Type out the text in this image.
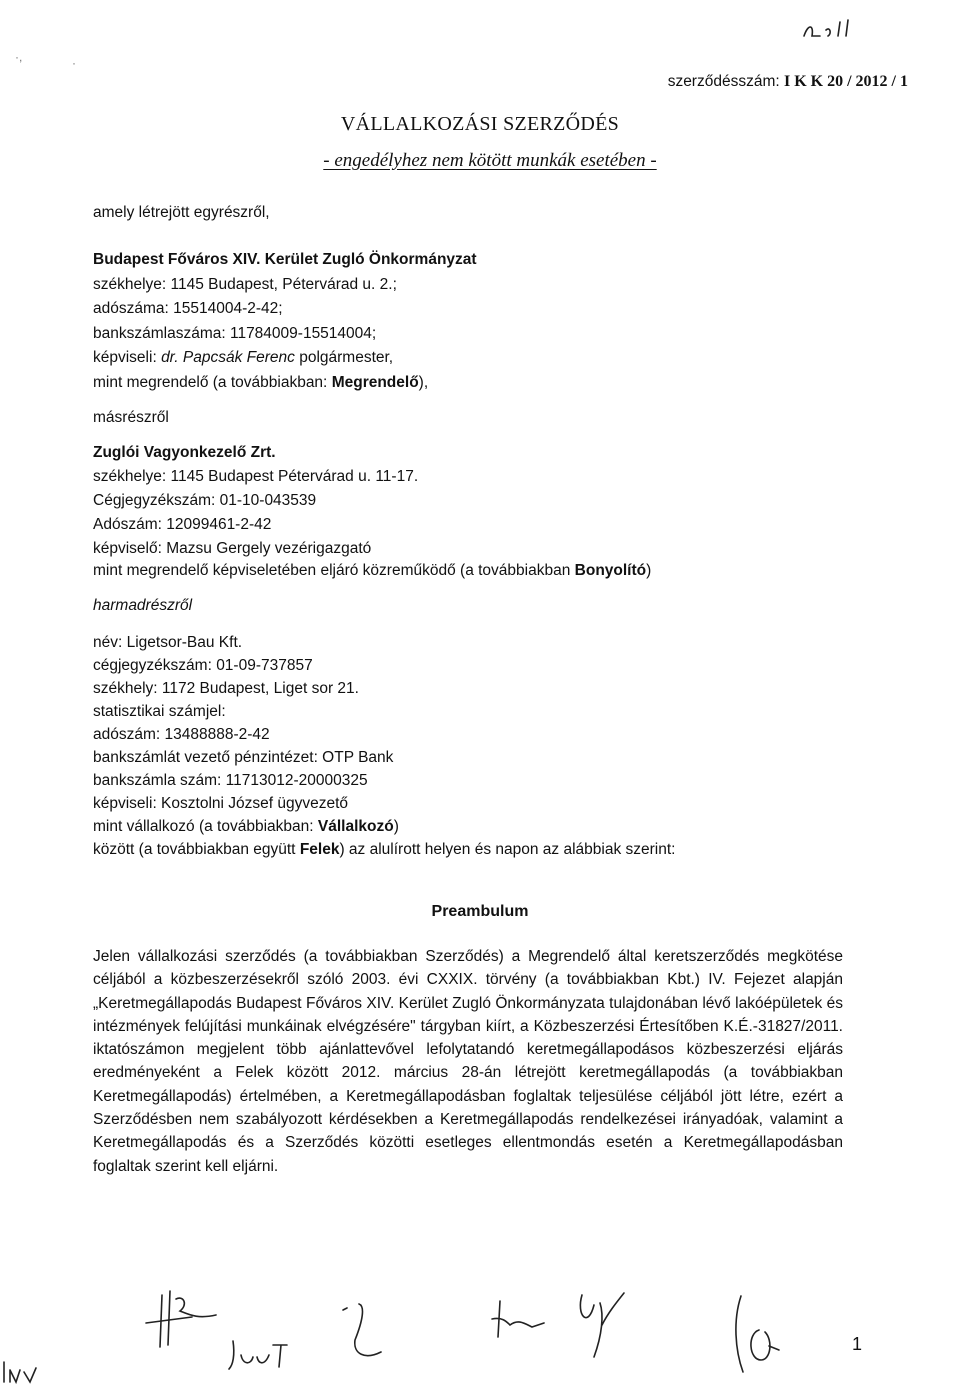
·,	·
szerződésszám: I K K 20 / 2012 / 1
VÁLLALKOZÁSI SZERZŐDÉS
- engedélyhez nem kötött munkák esetében -
amely létrejött egyrészről,
Budapest Főváros XIV. Kerület Zugló Önkormányzat
székhelye: 1145 Budapest, Pétervárad u. 2.;
adószáma: 15514004-2-42;
bankszámlaszáma: 11784009-15514004;
képviseli: dr. Papcsák Ferenc polgármester,
mint megrendelő (a továbbiakban: Megrendelő),
másrészről
Zuglói Vagyonkezelő Zrt.
székhelye: 1145 Budapest Pétervárad u. 11-17.
Cégjegyzékszám: 01-10-043539
Adószám: 12099461-2-42
képviselő: Mazsu Gergely vezérigazgató
mint megrendelő képviseletében eljáró közreműködő (a továbbiakban Bonyolító)
harmadrészről
név: Ligetsor-Bau Kft.
cégjegyzékszám: 01-09-737857
székhely: 1172 Budapest, Liget sor 21.
statisztikai számjel:
adószám: 13488888-2-42
bankszámlát vezető pénzintézet: OTP Bank
bankszámla szám: 11713012-20000325
képviseli: Kosztolni József ügyvezető
mint vállalkozó (a továbbiakban: Vállalkozó)
között (a továbbiakban együtt Felek) az alulírott helyen és napon az alábbiak szerint:
Preambulum
Jelen vállalkozási szerződés (a továbbiakban Szerződés) a Megrendelő által keretszerződés megkötése céljából a közbeszerzésekről szóló 2003. évi CXXIX. törvény (a továbbiakban Kbt.) IV. Fejezet alapján „Keretmegállapodás Budapest Főváros XIV. Kerület Zugló Önkormányzata tulajdonában lévő lakóépületek és intézmények felújítási munkáinak elvégzésére" tárgyban kiírt, a Közbeszerzési Értesítőben K.É.-31827/2011. iktatószámon megjelent több ajánlattevővel lefolytatandó keretmegállapodásos közbeszerzési eljárás eredményeként a Felek között 2012. március 28-án létrejött keretmegállapodás (a továbbiakban Keretmegállapodás) értelmében, a Keretmegállapodásban foglaltak teljesülése céljából jött létre, ezért a Szerződésben nem szabályozott kérdésekben a Keretmegállapodás rendelkezései irányadóak, valamint a Keretmegállapodás és a Szerződés közötti esetleges ellentmondás esetén a Keretmegállapodásban foglaltak szerint kell eljárni.
1
